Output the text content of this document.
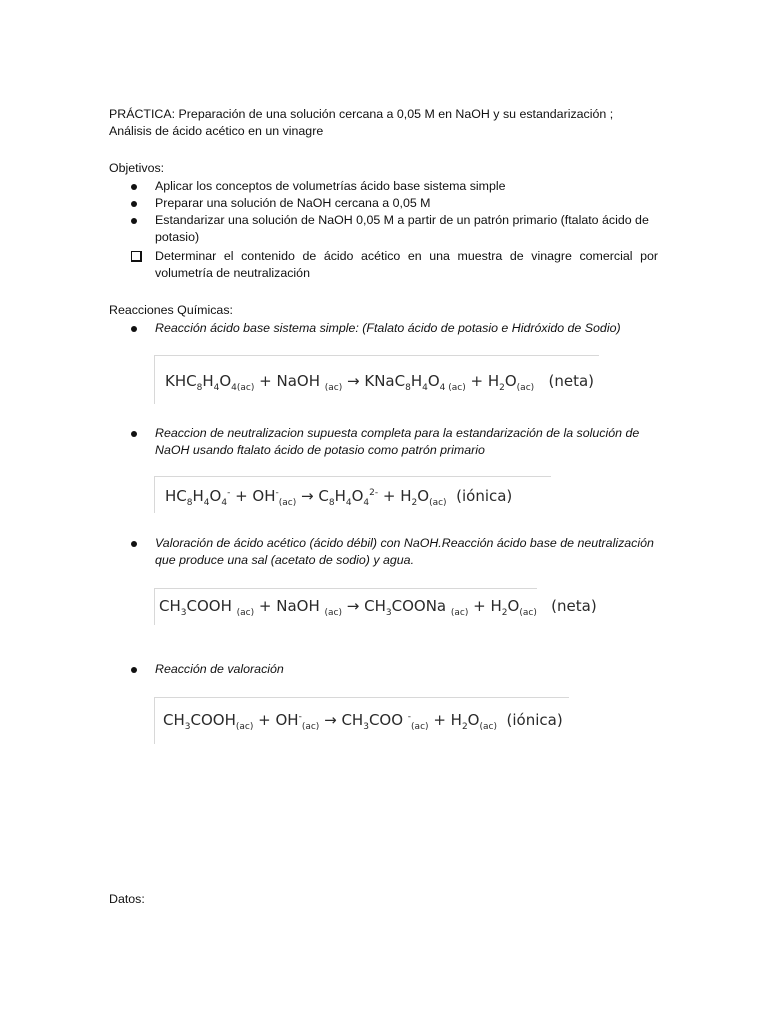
PRÁCTICA: Preparación de una solución cercana a 0,05 M en NaOH y su estandarización ;
Análisis de ácido acético en un vinagre
Objetivos:
Aplicar los conceptos de volumetrías ácido base sistema simple
Preparar una solución de NaOH cercana a 0,05 M
Estandarizar una solución de NaOH 0,05 M a partir de un patrón primario (ftalato ácido de potasio)
Determinar el contenido de ácido acético en una muestra de vinagre comercial por volumetría de neutralización
Reacciones Químicas:
Reacción ácido base sistema simple: (Ftalato ácido de potasio e Hidróxido de Sodio)
$KHC_8H_4O_{4(ac)}$ + NaOH $_{(ac)} \to KNaC_8H_4O_{4 (ac)} + H_2O_{(ac)}$ (neta)
Reaccion de neutralizacion supuesta completa para la estandarización de la solución de NaOH usando ftalato ácido de potasio como patrón primario
$HC_8H_4O_4^- + OH^-_{(ac)} \to C_8H_4O_4^{2-} + H_2O_{(ac)}$ (iónica)
Valoración de ácido acético (ácido débil) con NaOH.Reacción ácido base de neutralización que produce una sal (acetato de sodio) y agua.
$CH_3COOH$ $_{(ac)}$ + NaOH $_{(ac)} \to CH_3COONa$ $_{(ac)} + H_2O_{(ac)}$ (neta)
Reacción de valoración
$CH_3COOH_{(ac)} + OH^-_{(ac)} \to CH_3COO$ $^-_{(ac)} + H_2O_{(ac)}$ (iónica)
Datos:
